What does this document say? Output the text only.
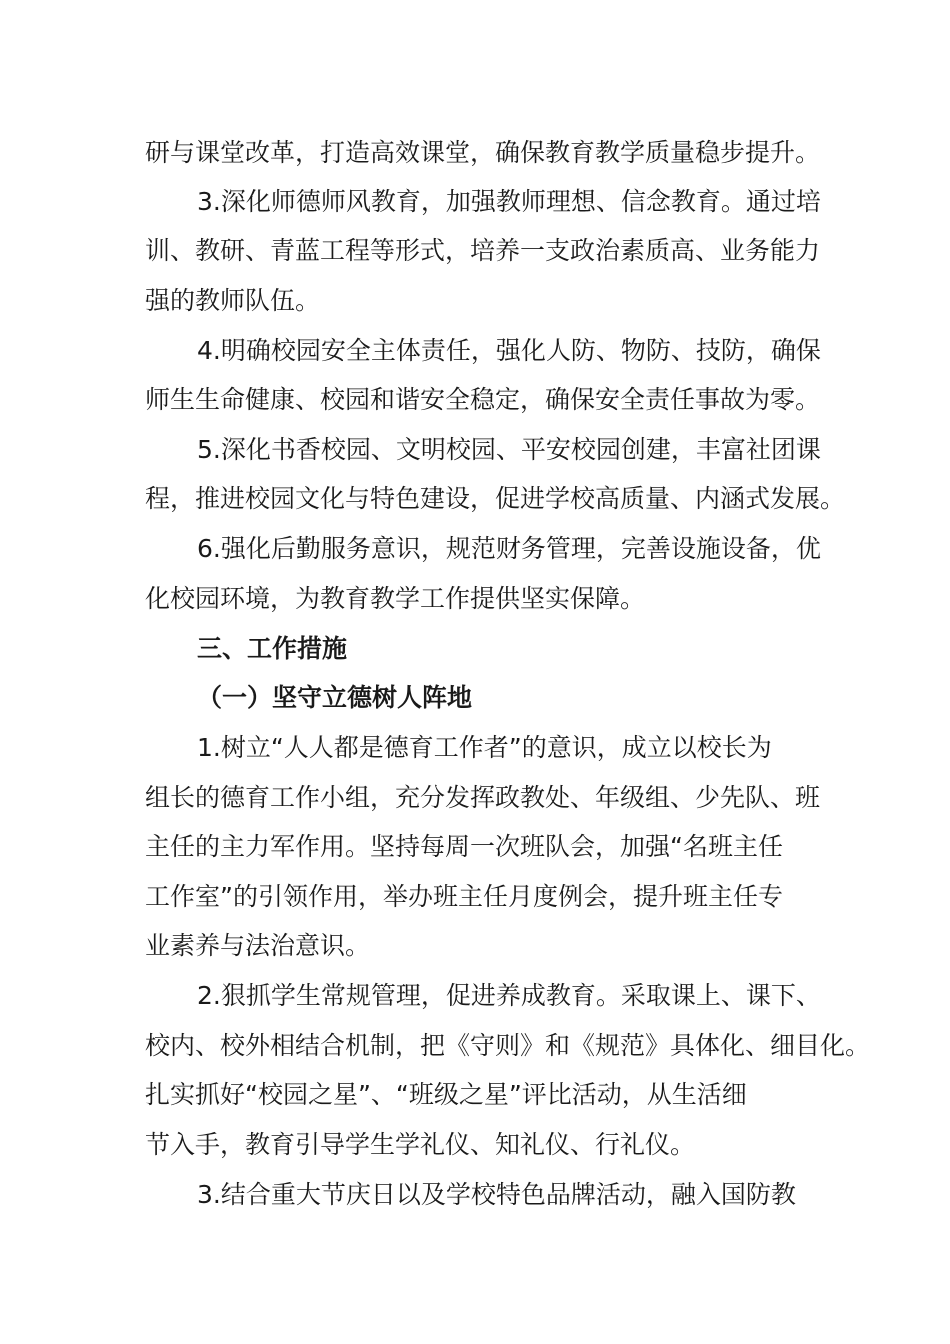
研与课堂改革，打造高效课堂，确保教育教学质量稳步提升。
3.深化师德师风教育，加强教师理想、信念教育。通过培
训、教研、青蓝工程等形式，培养一支政治素质高、业务能力
强的教师队伍。
4.明确校园安全主体责任，强化人防、物防、技防，确保
师生生命健康、校园和谐安全稳定，确保安全责任事故为零。
5.深化书香校园、文明校园、平安校园创建，丰富社团课
程，推进校园文化与特色建设，促进学校高质量、内涵式发展。
6.强化后勤服务意识，规范财务管理，完善设施设备，优
化校园环境，为教育教学工作提供坚实保障。
三、工作措施
（一）坚守立德树人阵地
1.树立“人人都是德育工作者”的意识，成立以校长为
组长的德育工作小组，充分发挥政教处、年级组、少先队、班
主任的主力军作用。坚持每周一次班队会，加强“名班主任
工作室”的引领作用，举办班主任月度例会，提升班主任专
业素养与法治意识。
2.狠抓学生常规管理，促进养成教育。采取课上、课下、
校内、校外相结合机制，把《守则》和《规范》具体化、细目化。
扎实抓好“校园之星”、“班级之星”评比活动，从生活细
节入手，教育引导学生学礼仪、知礼仪、行礼仪。
3.结合重大节庆日以及学校特色品牌活动，融入国防教
